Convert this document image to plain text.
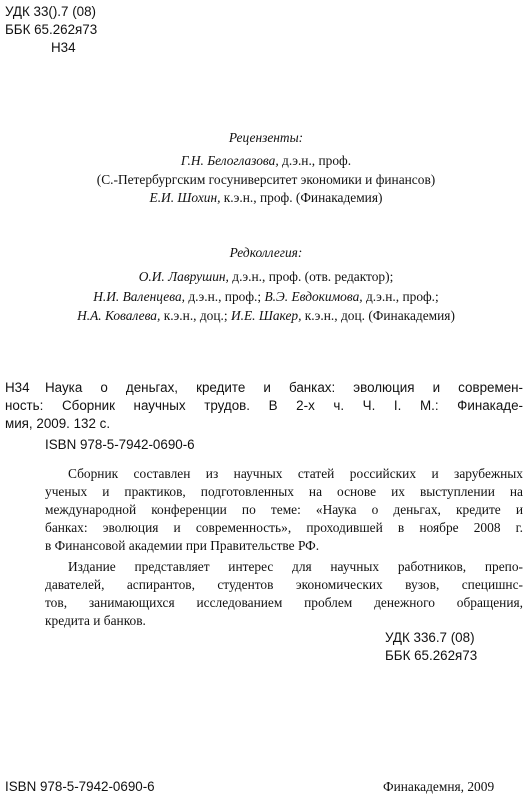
УДК 33().7 (08)
ББК 65.262я73
Н34
Рецензенты:
Г.Н. Белоглазова, д.э.н., проф.
(С.-Петербургским госуниверситет экономики и финансов)
Е.И. Шохин, к.э.н., проф. (Финакадемия)
Редколлегия:
О.И. Лаврушин, д.э.н., проф. (отв. редактор);
Н.И. Валенцева, д.э.н., проф.; В.Э. Евдокимова, д.э.н., проф.;
Н.А. Ковалева, к.э.н., доц.; И.Е. Шакер, к.э.н., доц. (Финакадемия)
Н34 Наука о деньгах, кредите и банках: эволюция и современ-
ность: Сборник научных трудов. В 2-х ч. Ч. I. М.: Финакаде-
мия, 2009. 132 с.
ISBN 978-5-7942-0690-6
Сборник составлен из научных статей российских и зарубежных
ученых и практиков, подготовленных на основе их выступлении на
международной конференции по теме: «Наука о деньгах, кредите и
банках: эволюция и современность», проходившей в ноябре 2008 г.
в Финансовой академии при Правительстве РФ.
Издание представляет интерес для научных работников, препо-
давателей, аспирантов, студентов экономических вузов, специшнс-
тов, занимающихся исследованием проблем денежного обращения,
кредита и банков.
УДК 336.7 (08)
ББК 65.262я73
ISBN 978-5-7942-0690-6	Финакадемня, 2009
